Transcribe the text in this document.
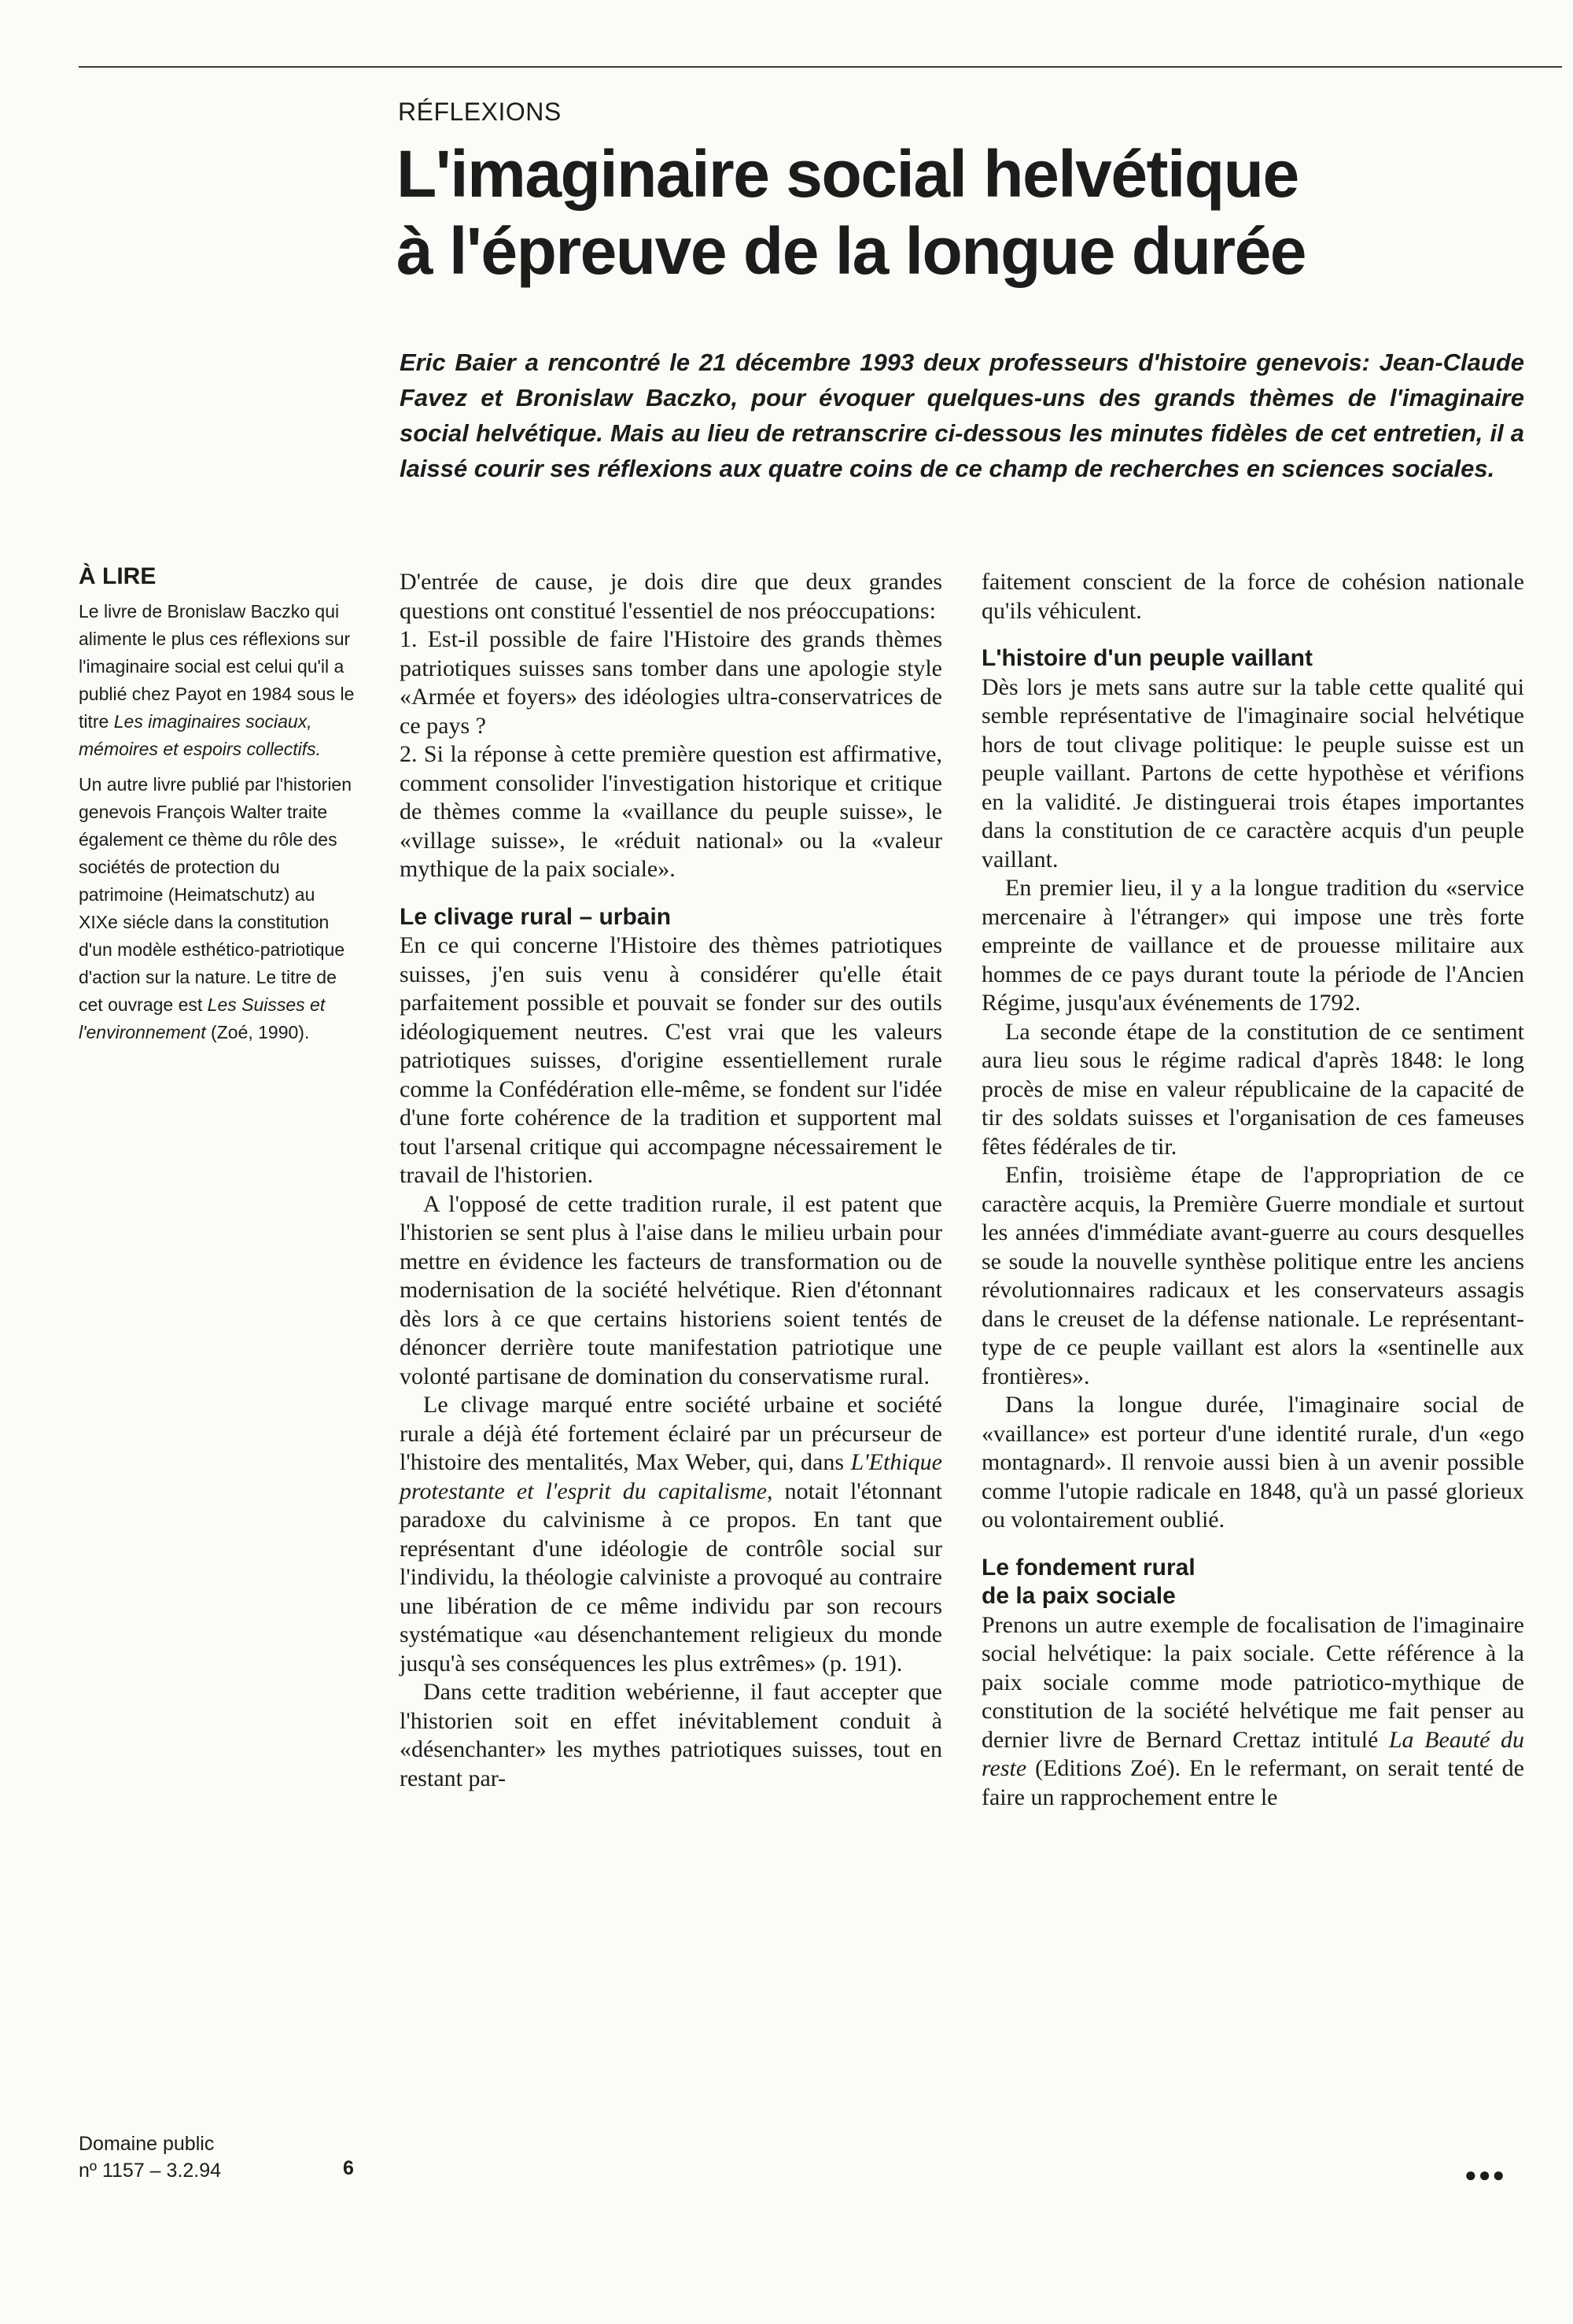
RÉFLEXIONS
L'imaginaire social helvétique
à l'épreuve de la longue durée

Eric Baier a rencontré le 21 décembre 1993 deux professeurs d'histoire genevois: Jean-Claude Favez et Bronislaw Baczko, pour évoquer quelques-uns des grands thèmes de l'imaginaire social helvétique. Mais au lieu de retranscrire ci-dessous les minutes fidèles de cet entretien, il a laissé courir ses réflexions aux quatre coins de ce champ de recherches en sciences sociales.

À LIRE

Le livre de Bronislaw Baczko qui alimente le plus ces réflexions sur l'imaginaire social est celui qu'il a publié chez Payot en 1984 sous le titre Les imaginaires sociaux, mémoires et espoirs collectifs.

Un autre livre publié par l'historien genevois François Walter traite également ce thème du rôle des sociétés de protection du patrimoine (Heimatschutz) au XIXe siécle dans la constitution d'un modèle esthético-patriotique d'action sur la nature. Le titre de cet ouvrage est Les Suisses et l'environnement (Zoé, 1990).

Domaine public
nº 1157 – 3.2.94	6

D'entrée de cause, je dois dire que deux grandes questions ont constitué l'essentiel de nos préoccupations:

1. Est-il possible de faire l'Histoire des grands thèmes patriotiques suisses sans tomber dans une apologie style «Armée et foyers» des idéologies ultra-conservatrices de ce pays ?

2. Si la réponse à cette première question est affirmative, comment consolider l'investigation historique et critique de thèmes comme la «vaillance du peuple suisse», le «village suisse», le «réduit national» ou la «valeur mythique de la paix sociale».

Le clivage rural – urbain

En ce qui concerne l'Histoire des thèmes patriotiques suisses, j'en suis venu à considérer qu'elle était parfaitement possible et pouvait se fonder sur des outils idéologiquement neutres. C'est vrai que les valeurs patriotiques suisses, d'origine essentiellement rurale comme la Confédération elle-même, se fondent sur l'idée d'une forte cohérence de la tradition et supportent mal tout l'arsenal critique qui accompagne nécessairement le travail de l'historien.

A l'opposé de cette tradition rurale, il est patent que l'historien se sent plus à l'aise dans le milieu urbain pour mettre en évidence les facteurs de transformation ou de modernisation de la société helvétique. Rien d'étonnant dès lors à ce que certains historiens soient tentés de dénoncer derrière toute manifestation patriotique une volonté partisane de domination du conservatisme rural.

Le clivage marqué entre société urbaine et société rurale a déjà été fortement éclairé par un précurseur de l'histoire des mentalités, Max Weber, qui, dans L'Ethique protestante et l'esprit du capitalisme, notait l'étonnant paradoxe du calvinisme à ce propos. En tant que représentant d'une idéologie de contrôle social sur l'individu, la théologie calviniste a provoqué au contraire une libération de ce même individu par son recours systématique «au désenchantement religieux du monde jusqu'à ses conséquences les plus extrêmes» (p. 191).

Dans cette tradition webérienne, il faut accepter que l'historien soit en effet inévitablement conduit à «désenchanter» les mythes patriotiques suisses, tout en restant par-

faitement conscient de la force de cohésion nationale qu'ils véhiculent.

L'histoire d'un peuple vaillant

Dès lors je mets sans autre sur la table cette qualité qui semble représentative de l'imaginaire social helvétique hors de tout clivage politique: le peuple suisse est un peuple vaillant. Partons de cette hypothèse et vérifions en la validité. Je distinguerai trois étapes importantes dans la constitution de ce caractère acquis d'un peuple vaillant.

En premier lieu, il y a la longue tradition du «service mercenaire à l'étranger» qui impose une très forte empreinte de vaillance et de prouesse militaire aux hommes de ce pays durant toute la période de l'Ancien Régime, jusqu'aux événements de 1792.

La seconde étape de la constitution de ce sentiment aura lieu sous le régime radical d'après 1848: le long procès de mise en valeur républicaine de la capacité de tir des soldats suisses et l'organisation de ces fameuses fêtes fédérales de tir.

Enfin, troisième étape de l'appropriation de ce caractère acquis, la Première Guerre mondiale et surtout les années d'immédiate avant-guerre au cours desquelles se soude la nouvelle synthèse politique entre les anciens révolutionnaires radicaux et les conservateurs assagis dans le creuset de la défense nationale. Le représentant-type de ce peuple vaillant est alors la «sentinelle aux frontières».

Dans la longue durée, l'imaginaire social de «vaillance» est porteur d'une identité rurale, d'un «ego montagnard». Il renvoie aussi bien à un avenir possible comme l'utopie radicale en 1848, qu'à un passé glorieux ou volontairement oublié.

Le fondement rural
de la paix sociale

Prenons un autre exemple de focalisation de l'imaginaire social helvétique: la paix sociale. Cette référence à la paix sociale comme mode patriotico-mythique de constitution de la société helvétique me fait penser au dernier livre de Bernard Crettaz intitulé La Beauté du reste (Editions Zoé). En le refermant, on serait tenté de faire un rapprochement entre le

●●●
